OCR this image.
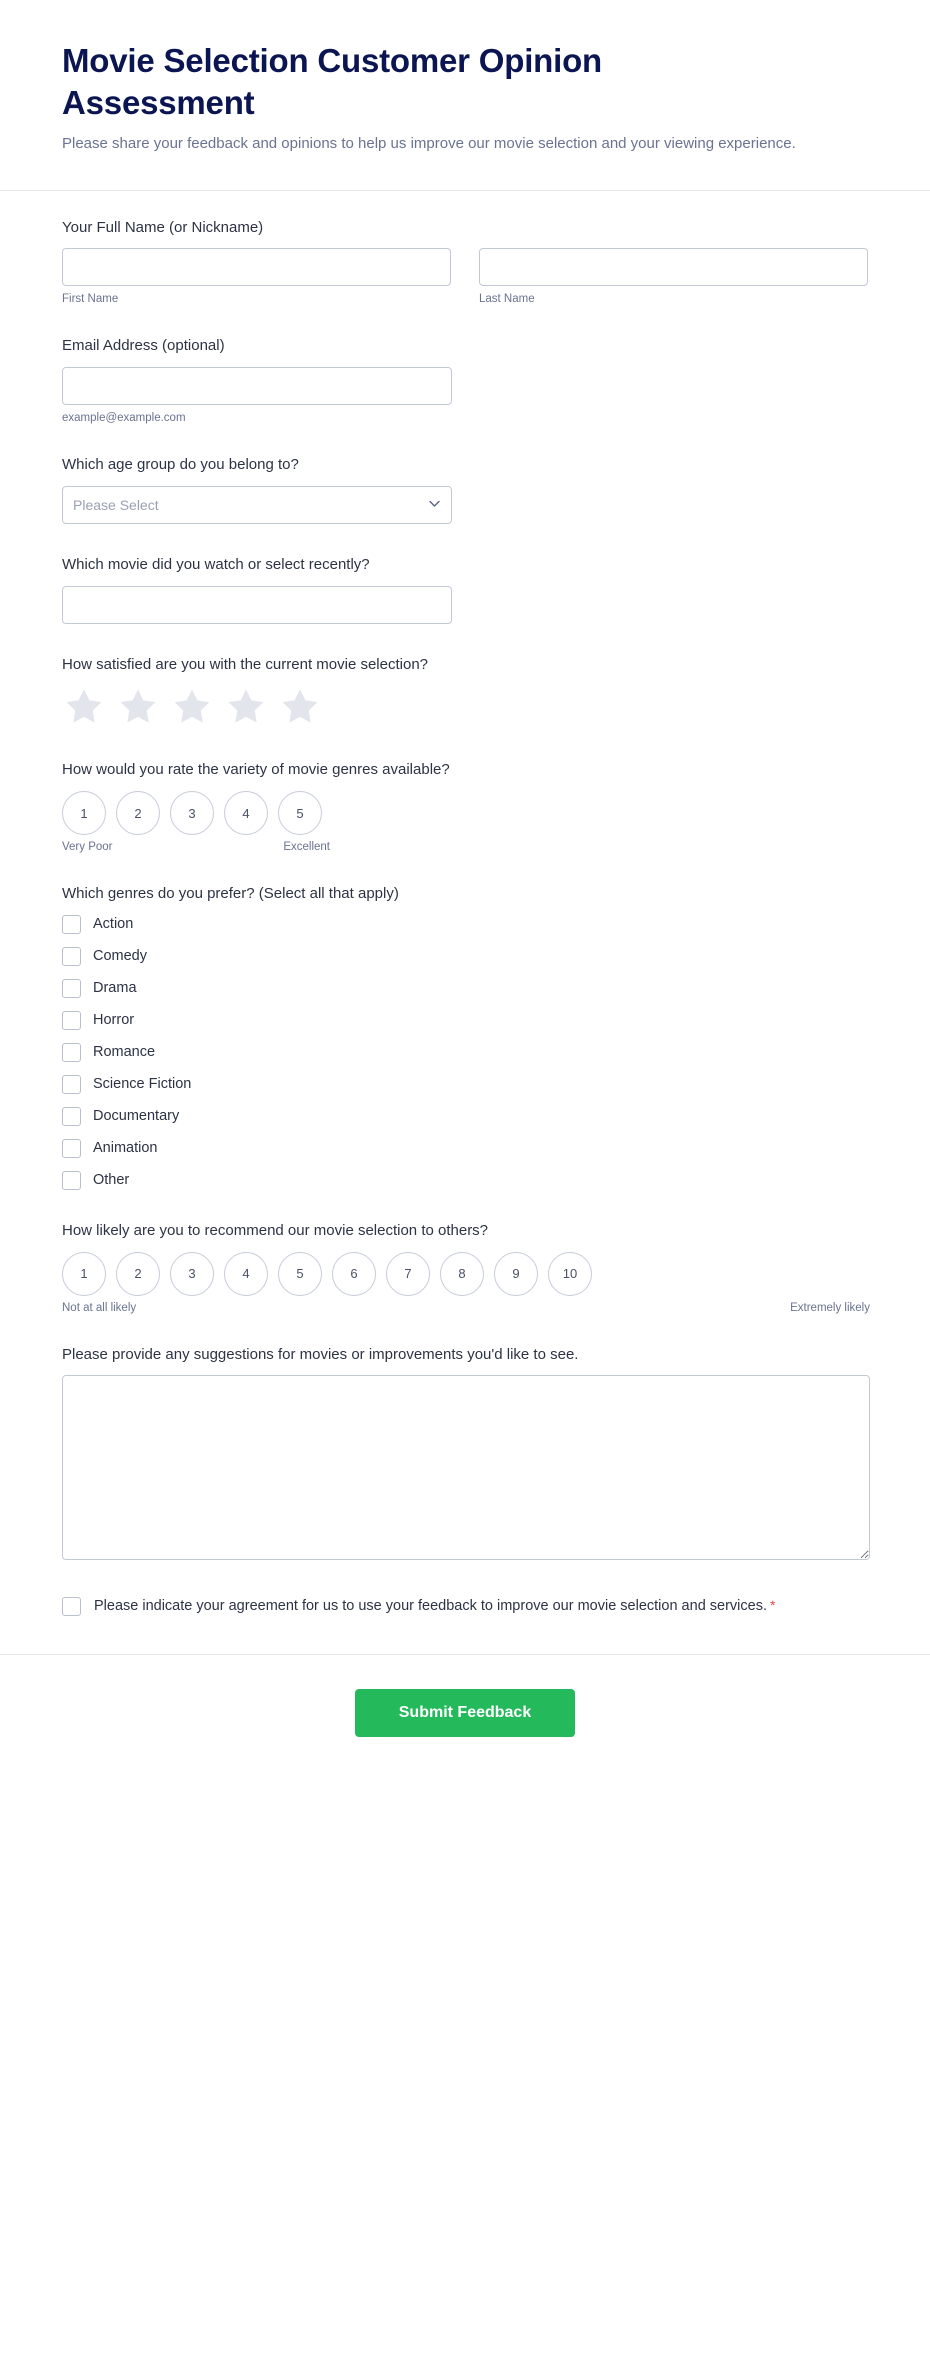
Movie Selection Customer Opinion Assessment

Please share your feedback and opinions to help us improve our movie selection and your viewing experience.

Your Full Name (or Nickname)
First Name	Last Name
Email Address (optional)
example@example.com
Which age group do you belong to?
Please Select
Which movie did you watch or select recently?
How satisfied are you with the current movie selection?
How would you rate the variety of movie genres available?
1	2	3	4	5
Very Poor	Excellent
Which genres do you prefer? (Select all that apply)
Action
Comedy
Drama
Horror
Romance
Science Fiction
Documentary
Animation
Other
How likely are you to recommend our movie selection to others?
1	2	3	4	5	6	7	8	9	10
Not at all likely	Extremely likely
Please provide any suggestions for movies or improvements you'd like to see.
Please indicate your agreement for us to use your feedback to improve our movie selection and services. *
Submit Feedback
